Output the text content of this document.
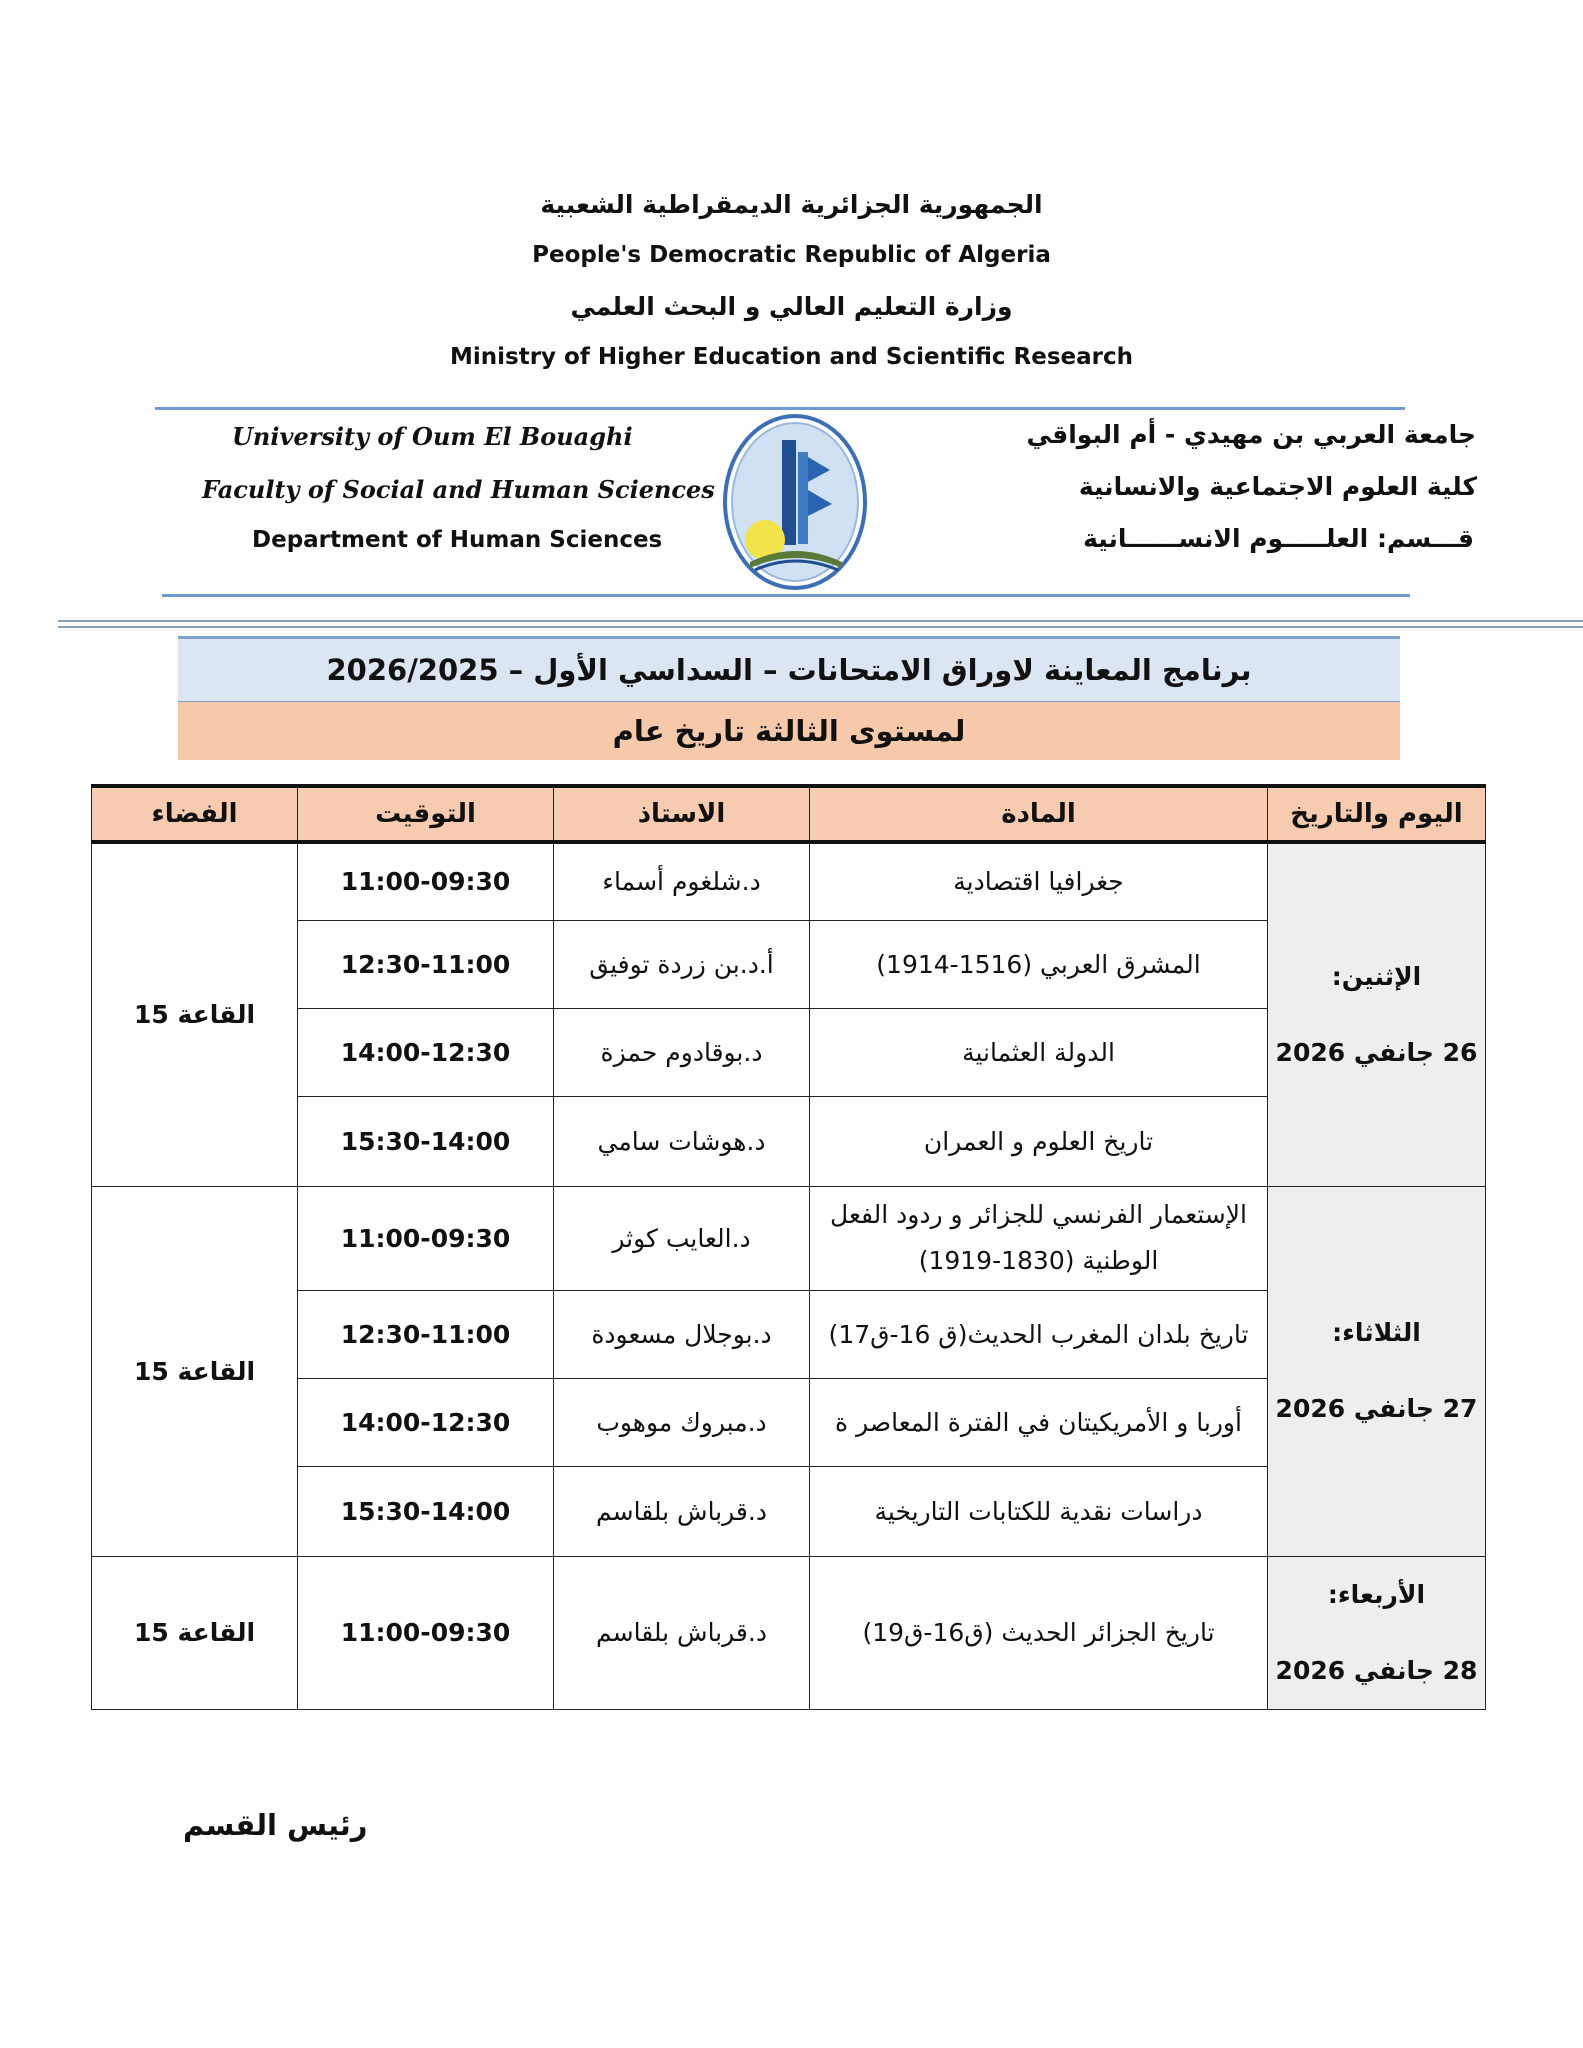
الجمهورية الجزائرية الديمقراطية الشعبية
People's Democratic Republic of Algeria
وزارة التعليم العالي و البحث العلمي
Ministry of Higher Education and Scientific Research
University of Oum El Bouaghi
Faculty of Social and Human Sciences
Department of Human Sciences
جامعة العربي بن مهيدي - أم البواقي
كلية العلوم الاجتماعية والانسانية
قـــسم: العلـــــوم الانســــــانية
برنامج المعاينة لاوراق الامتحانات – السداسي الأول – 2026/2025
لمستوى الثالثة تاريخ عام
اليوم والتاريخ	المادة	الاستاذ	التوقيت	الفضاء

الإثنين:
26 جانفي 2026	جغرافيا اقتصادية	د.شلغوم أسماء	11:00-09:30	القاعة 15
	المشرق العربي (1516-1914)	أ.د.بن زردة توفيق	12:30-11:00	
	الدولة العثمانية	د.بوقادوم حمزة	14:00-12:30	
	تاريخ العلوم و العمران	د.هوشات سامي	15:30-14:00	

الثلاثاء:
27 جانفي 2026	الإستعمار الفرنسي للجزائر و ردود الفعل الوطنية (1830-1919)	د.العايب كوثر	11:00-09:30	القاعة 15
	تاريخ بلدان المغرب الحديث(ق 16-ق17)	د.بوجلال مسعودة	12:30-11:00	
	أوربا و الأمريكيتان في الفترة المعاصر ة	د.مبروك موهوب	14:00-12:30	
	دراسات نقدية للكتابات التاريخية	د.قرباش بلقاسم	15:30-14:00	

الأربعاء:
28 جانفي 2026	تاريخ الجزائر الحديث (ق16-ق19)	د.قرباش بلقاسم	11:00-09:30	القاعة 15
رئيس القسم
